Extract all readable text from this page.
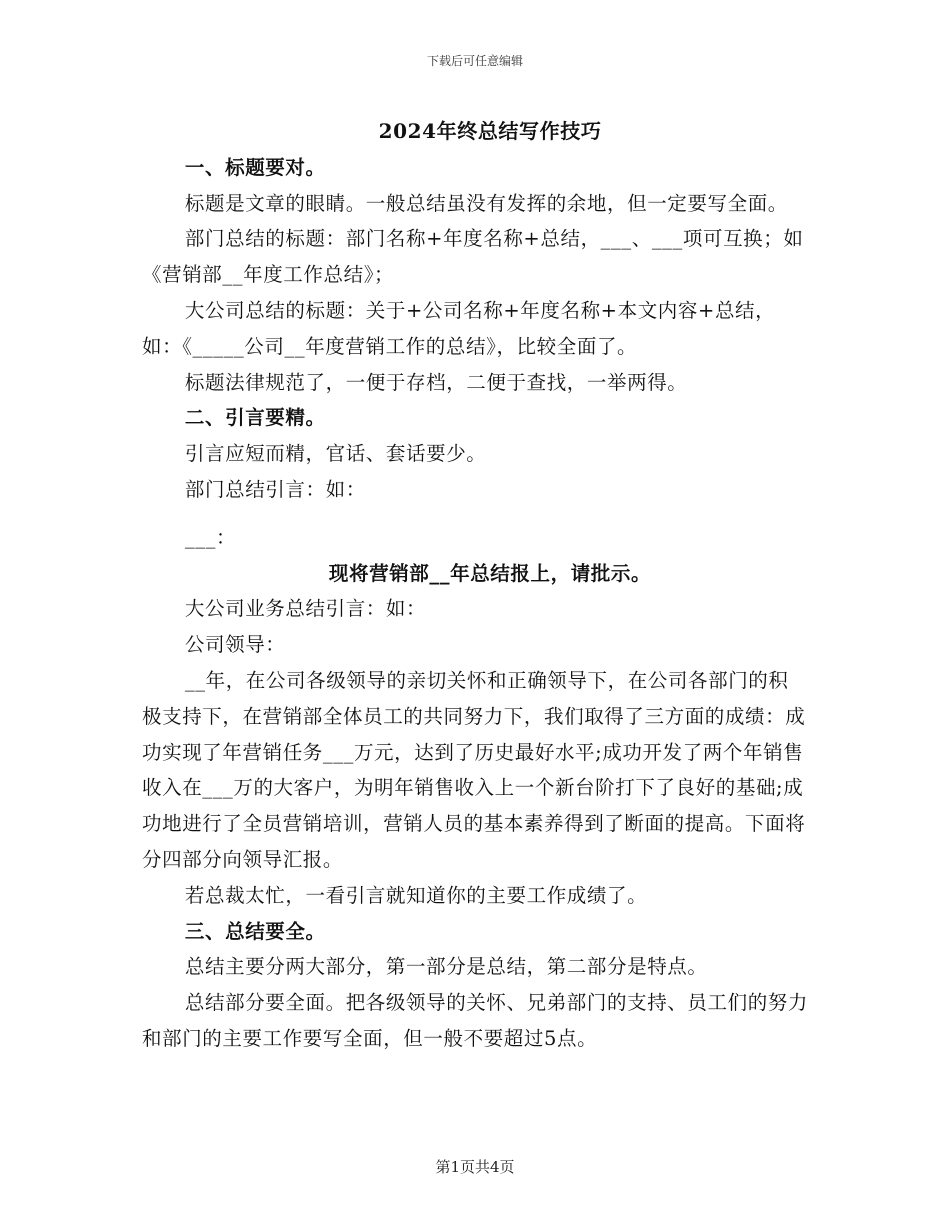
下载后可任意编辑

2024年终总结写作技巧

一、标题要对。

标题是文章的眼睛。一般总结虽没有发挥的余地，但一定要写全面。

部门总结的标题：部门名称+年度名称+总结，___、___项可互换；如《营销部__年度工作总结》；

大公司总结的标题：关于+公司名称+年度名称+本文内容+总结，如：《_____公司__年度营销工作的总结》，比较全面了。

标题法律规范了，一便于存档，二便于查找，一举两得。

二、引言要精。

引言应短而精，官话、套话要少。

部门总结引言：如：

___：

现将营销部__年总结报上，请批示。

大公司业务总结引言：如：

公司领导：

__年，在公司各级领导的亲切关怀和正确领导下，在公司各部门的积极支持下，在营销部全体员工的共同努力下，我们取得了三方面的成绩：成功实现了年营销任务___万元，达到了历史最好水平;成功开发了两个年销售收入在___万的大客户，为明年销售收入上一个新台阶打下了良好的基础;成功地进行了全员营销培训，营销人员的基本素养得到了断面的提高。下面将分四部分向领导汇报。

若总裁太忙，一看引言就知道你的主要工作成绩了。

三、总结要全。

总结主要分两大部分，第一部分是总结，第二部分是特点。

总结部分要全面。把各级领导的关怀、兄弟部门的支持、员工们的努力和部门的主要工作要写全面，但一般不要超过5点。

第1页共4页
